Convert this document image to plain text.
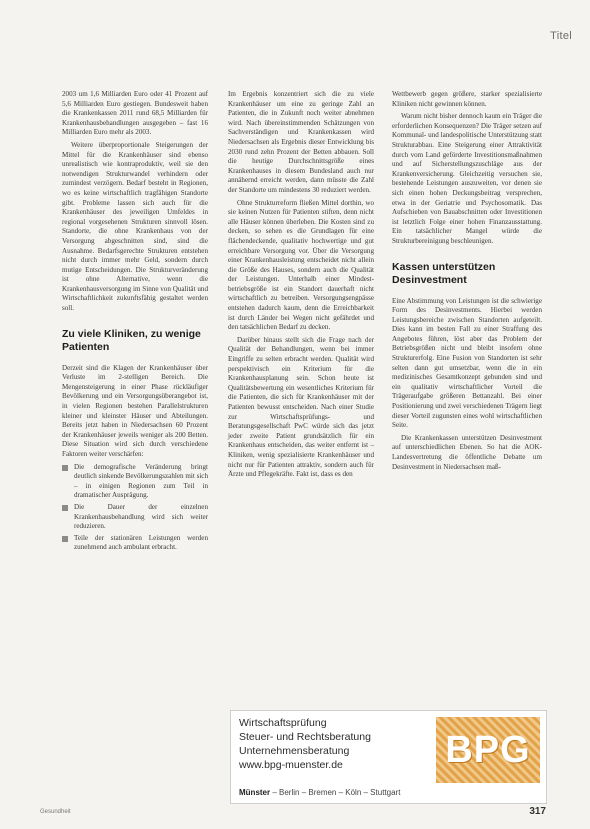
Titel

2003 um 1,6 Milliarden Euro oder 41 Prozent auf 5,6 Milliarden Euro gestiegen. Bundesweit haben die Krankenkassen 2011 rund 68,5 Milliarden für Krankenhausbehandlungen ausgegeben – fast 16 Milliarden Euro mehr als 2003.

Weitere überproportionale Steigerungen der Mittel für die Krankenhäuser sind ebenso unrealistisch wie kontraproduktiv, weil sie den notwendigen Strukturwandel verhindern oder zumindest verzögern. Bedarf besteht in Regionen, wo es keine wirtschaftlich tragfähigen Standorte gibt. Probleme lassen sich auch für die Krankenhäuser des jeweiligen Umfeldes in regional vorgesehenen Strukturen sinnvoll lösen. Standorte, die ohne Krankenhaus von der Versorgung abgeschnitten sind, sind die Ausnahme. Bedarfsgerechte Strukturen entstehen nicht durch immer mehr Geld, sondern durch mutige Entscheidungen. Die Strukturveränderung ist ohne Alternative, wenn die Krankenhausversorgung im Sinne von Qualität und Wirtschaftlichkeit zukunftsfähig gestaltet werden soll.

Zu viele Kliniken, zu wenige Patienten

Derzeit sind die Klagen der Krankenhäuser über Verluste im 2-stelligen Bereich. Die Mengensteigerung in einer Phase rückläufiger Bevölkerung und ein Versorgungsüberangebot ist, in vielen Regionen bestehen Parallelstrukturen kleiner und kleinster Häuser und Abteilungen. Bereits jetzt haben in Niedersachsen 60 Prozent der Krankenhäuser jeweils weniger als 200 Betten. Diese Situation wird sich durch verschiedene Faktoren weiter verschärfen:

Die demografische Veränderung bringt deutlich sinkende Bevölkerungszahlen mit sich – in einigen Regionen zum Teil in dramatischer Ausprägung.
Die Dauer der einzelnen Krankenhausbehandlung wird sich weiter reduzieren.
Teile der stationären Leistungen werden zunehmend auch ambulant erbracht.

Im Ergebnis konzentriert sich die zu viele Krankenhäuser um eine zu geringe Zahl an Patienten, die in Zukunft noch weiter abnehmen wird. Nach übereinstimmenden Schätzungen von Sachverständigen und Krankenkassen wird Niedersachsen als Ergebnis dieser Entwicklung bis 2030 rund zehn Prozent der Betten abbauen. Soll die heutige Durchschnittsgröße eines Krankenhauses in diesem Bundesland auch nur annähernd erreicht werden, dann müsste die Zahl der Standorte um mindestens 30 reduziert werden.

Ohne Strukturreform fließen Mittel dorthin, wo sie keinen Nutzen für Patienten stiften, denn nicht alle Häuser können überleben. Die Kosten sind zu decken, so sehen es die Grundlagen für eine flächendeckende, qualitativ hochwertige und gut erreichbare Versorgung vor. Über die Versorgung einer Krankenhausleistung entscheidet nicht allein die Größe des Hauses, sondern auch die Qualität der Leistungen. Unterhalb einer Mindest-betriebsgröße ist ein Standort dauerhaft nicht wirtschaftlich zu betreiben. Versorgungsengpässe entstehen dadurch kaum, denn die Erreichbarkeit ist durch Länder bei Wegen nicht gefährdet und den tatsächlichen Bedarf zu decken.

Darüber hinaus stellt sich die Frage nach der Qualität der Behandlungen, wenn bei immer Eingriffe zu selten erbracht werden. Qualität wird perspektivisch ein Kriterium für die Krankenhausplanung sein. Schon heute ist Qualitätsbewertung ein wesentliches Kriterium für die Patienten, die sich für Krankenhäuser mit der Patienten bewusst entscheiden. Nach einer Studie zur Wirtschaftsprüfungs- und Beratungsgesellschaft PwC würde sich das jetzt jeder zweite Patient grundsätzlich für ein Krankenhaus entscheiden, das weiter entfernt ist – Kliniken, wenig spezialisierte Krankenhäuser und nicht nur für Patienten attraktiv, sondern auch für Ärzte und Pflegekräfte. Fakt ist, dass es den

Wettbewerb gegen größere, starker spezialisierte Kliniken nicht gewinnen können.

Warum nicht bisher dennoch kaum ein Träger die erforderlichen Konsequenzen? Die Träger setzen auf Kommunal- und landespolitische Unterstützung statt Strukturabbau. Eine Steigerung einer Attraktivität durch vom Land geförderte Investitionsmaßnahmen und auf Sicherstellungszuschläge aus der Krankenversicherung. Gleichzeitig versuchen sie, bestehende Leistungen auszuweiten, vor denen sie sich einen hohen Deckungsbeitrag versprechen, etwa in der Geriatrie und Psychosomatik. Das Aufschieben von Bauabschnitten oder Investitionen ist letztlich Folge einer hohen Finanzausstattung. Ein tatsächlicher Mangel würde die Strukturbereinigung beschleunigen.

Kassen unterstützen Desinvestment

Eine Abstimmung von Leistungen ist die schwierige Form des Desinvestments. Hierbei werden Leistungsbereiche zwischen Standorten aufgeteilt. Dies kann im besten Fall zu einer Straffung des Angebotes führen, löst aber das Problem der Betriebsgrößen nicht und bleibt insofern ohne Strukturerfolg. Eine Fusion von Standorten ist sehr selten dann gut umsetzbar, wenn die in ein medizinisches Gesamtkonzept gebunden sind und ein qualitativ wirtschaftlicher Vorteil die Trägeraufgabe größeren Bettanzahl. Bei einer Positionierung und zwei verschiedenen Trägern liegt dieser Vorteil zugunsten eines wohl wirtschaftlichen Seite.

Die Krankenkassen unterstützen Desinvestment auf unterschiedlichen Ebenen. So hat die AOK-Landesvertretung die öffentliche Debatte um Desinvestment in Niedersachsen maß-

Wirtschaftsprüfung
Steuer- und Rechtsberatung
Unternehmensberatung
www.bpg-muenster.de
Münster – Berlin – Bremen – Köln – Stuttgart
BPG
Gesundheit	317
